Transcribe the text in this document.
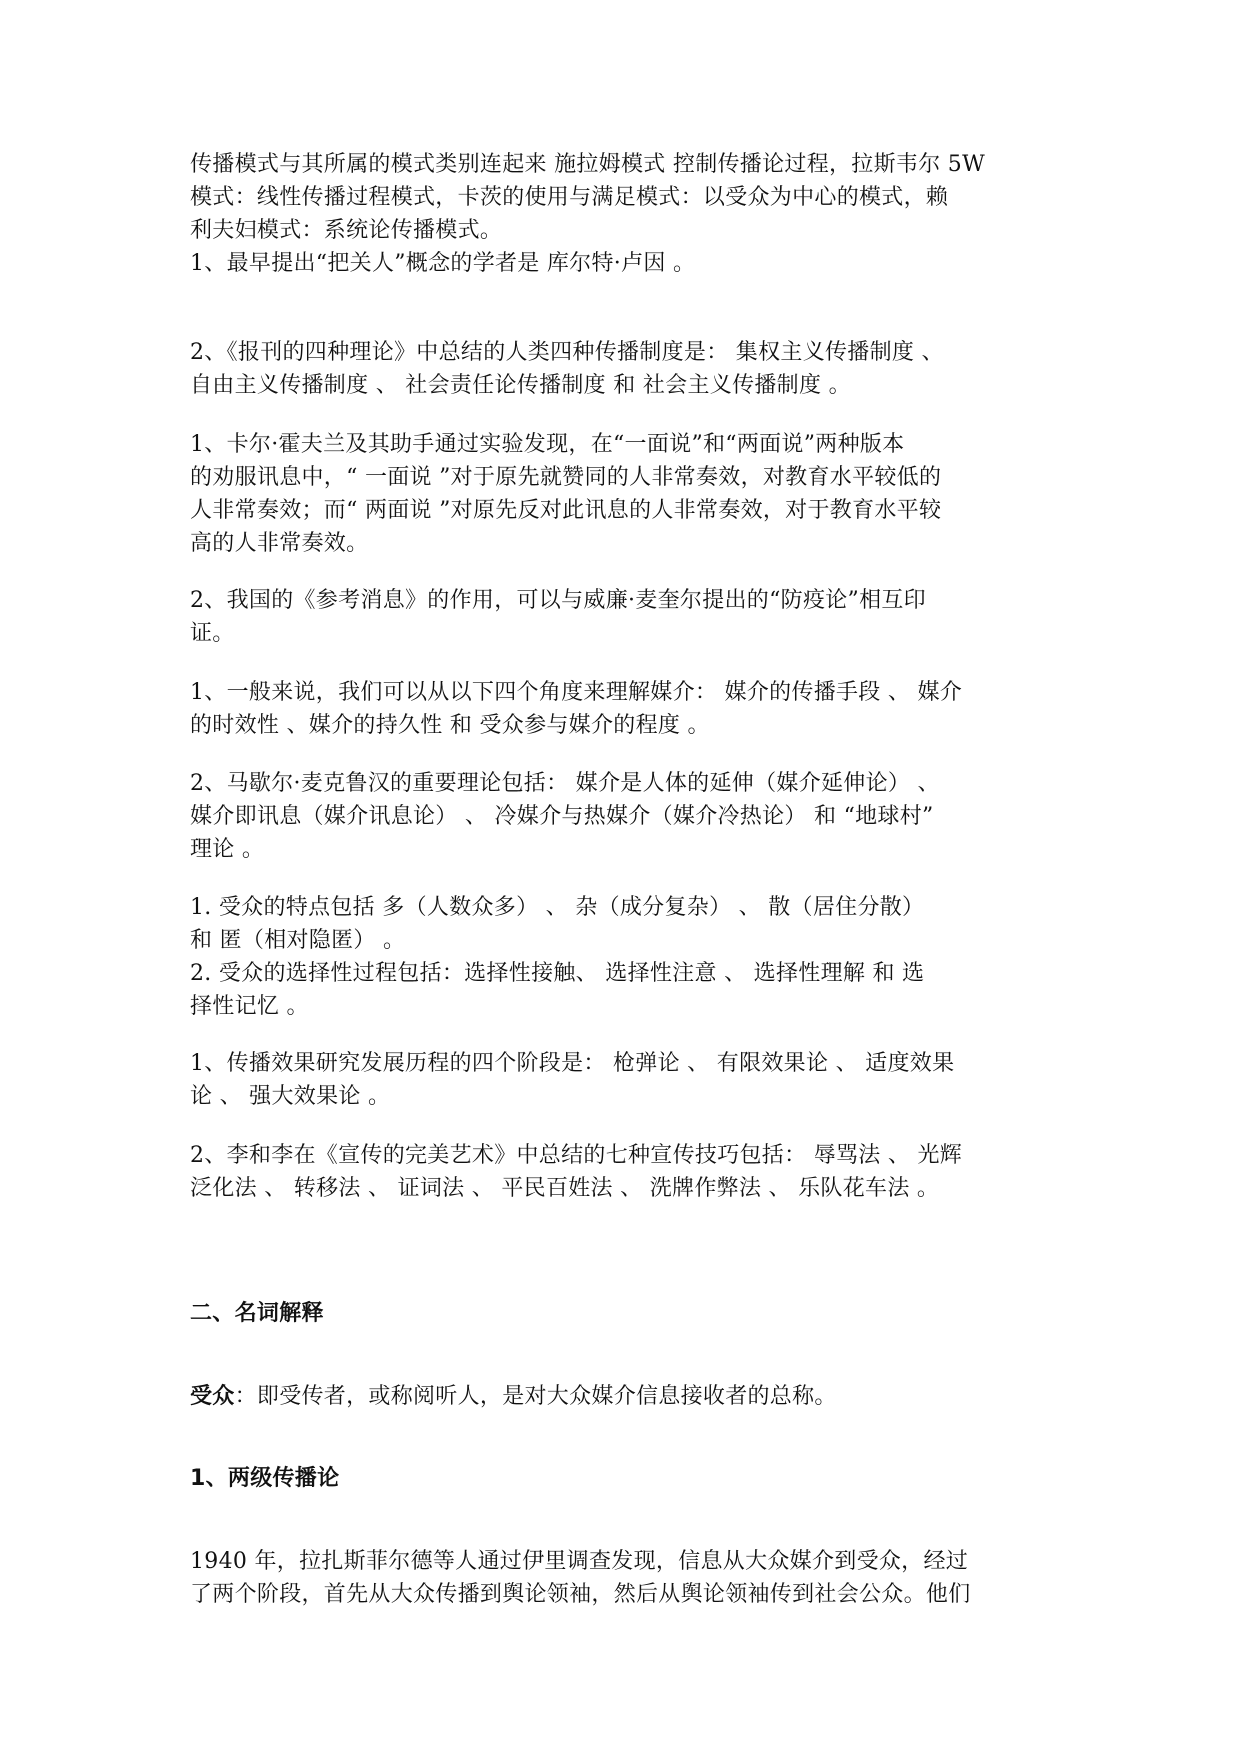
传播模式与其所属的模式类别连起来 施拉姆模式 控制传播论过程，拉斯韦尔 5W
模式：线性传播过程模式，卡茨的使用与满足模式：以受众为中心的模式，赖
利夫妇模式：系统论传播模式。
1、最早提出“把关人”概念的学者是 库尔特·卢因 。
2、《报刊的四种理论》中总结的人类四种传播制度是： 集权主义传播制度 、
自由主义传播制度 、 社会责任论传播制度 和 社会主义传播制度 。
1、卡尔·霍夫兰及其助手通过实验发现，在“一面说”和“两面说”两种版本
的劝服讯息中，“ 一面说 ”对于原先就赞同的人非常奏效，对教育水平较低的
人非常奏效；而“ 两面说 ”对原先反对此讯息的人非常奏效，对于教育水平较
高的人非常奏效。
2、我国的《参考消息》的作用，可以与威廉·麦奎尔提出的“防疫论”相互印
证。
1、一般来说，我们可以从以下四个角度来理解媒介： 媒介的传播手段 、 媒介
的时效性 、媒介的持久性 和 受众参与媒介的程度 。
2、马歇尔·麦克鲁汉的重要理论包括： 媒介是人体的延伸（媒介延伸论） 、
媒介即讯息（媒介讯息论） 、 冷媒介与热媒介（媒介冷热论） 和 “地球村”
理论 。
1. 受众的特点包括 多（人数众多） 、 杂（成分复杂） 、 散（居住分散）
和 匿（相对隐匿） 。
2. 受众的选择性过程包括：选择性接触、 选择性注意 、 选择性理解 和 选
择性记忆 。
1、传播效果研究发展历程的四个阶段是： 枪弹论 、 有限效果论 、 适度效果
论 、 强大效果论 。
2、李和李在《宣传的完美艺术》中总结的七种宣传技巧包括： 辱骂法 、 光辉
泛化法 、 转移法 、 证词法 、 平民百姓法 、 洗牌作弊法 、 乐队花车法 。
二、名词解释
受众：即受传者，或称阅听人，是对大众媒介信息接收者的总称。
1、两级传播论
1940 年，拉扎斯菲尔德等人通过伊里调查发现，信息从大众媒介到受众，经过
了两个阶段，首先从大众传播到舆论领袖，然后从舆论领袖传到社会公众。他们
